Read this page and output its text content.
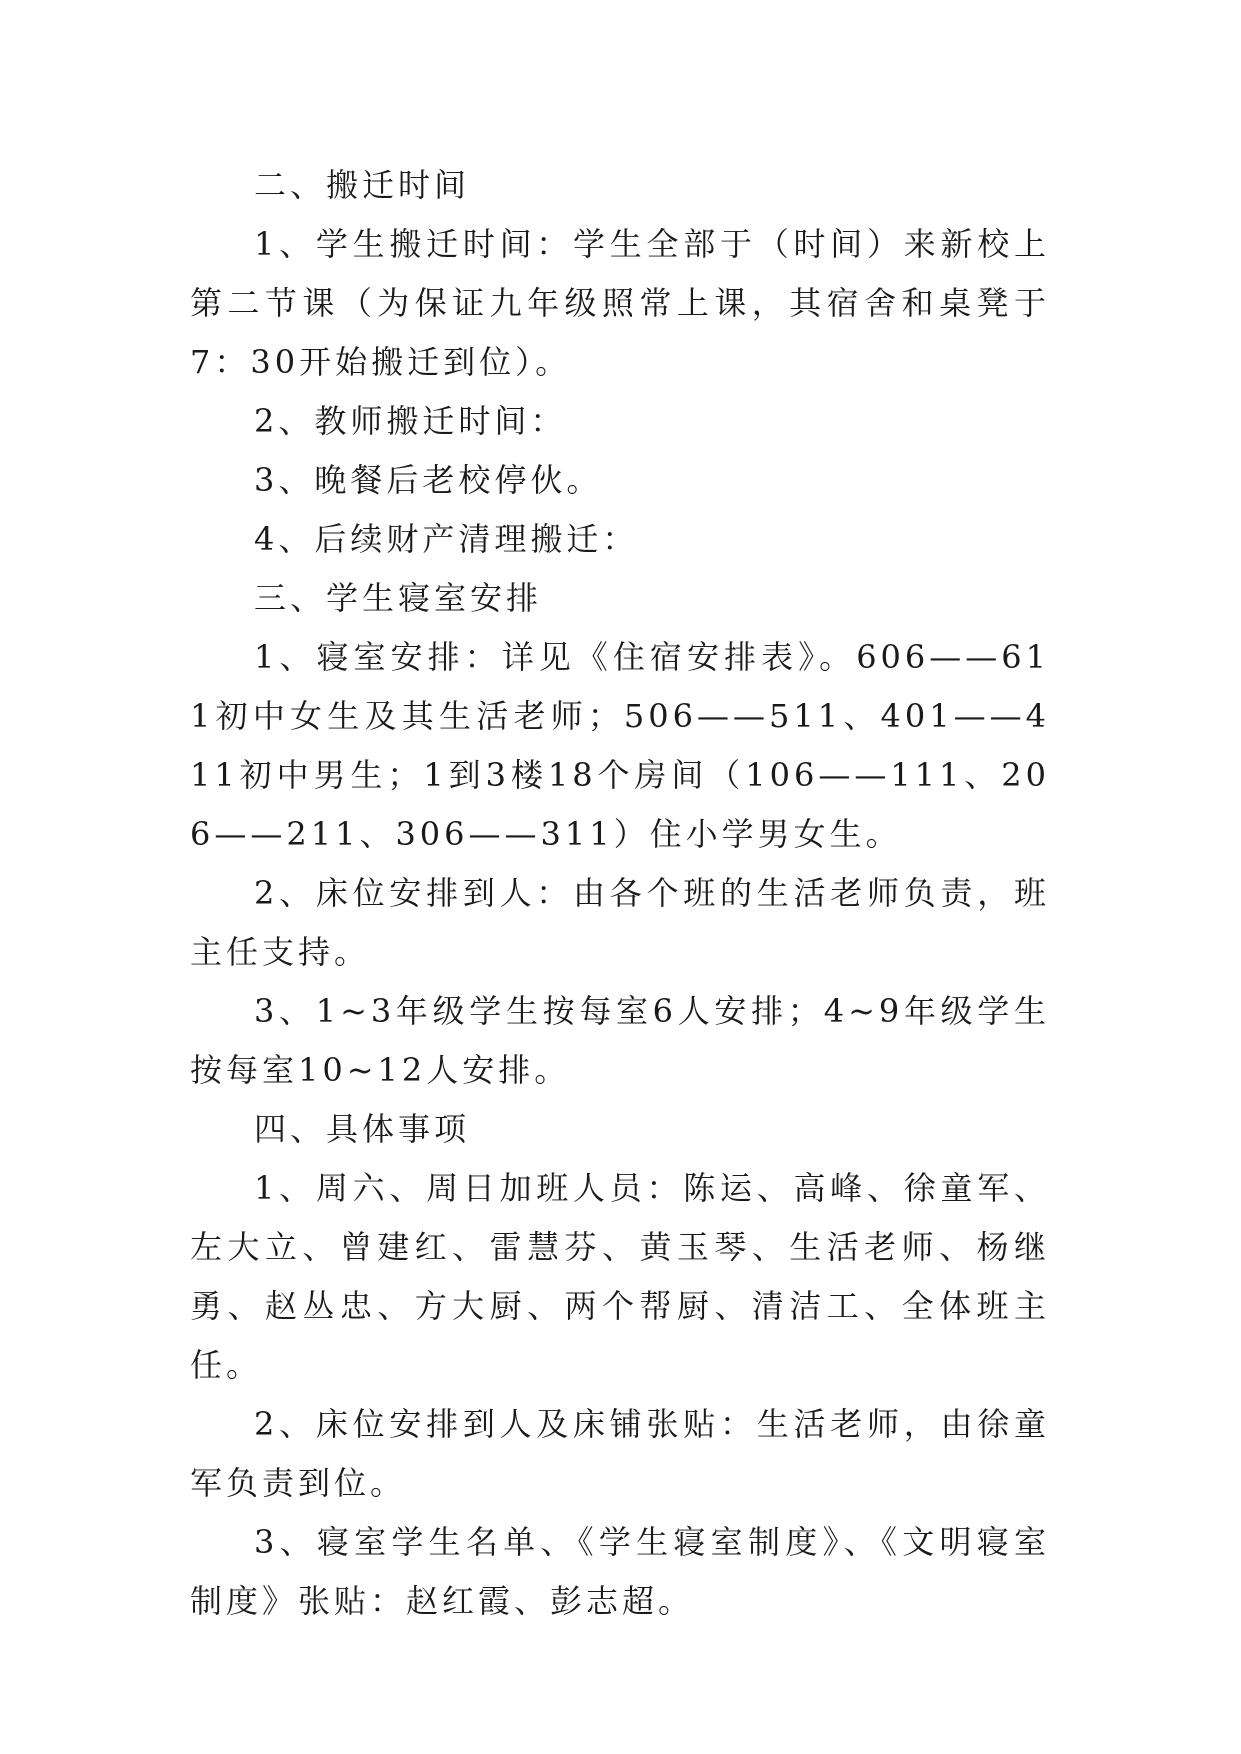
二、搬迁时间

1、学生搬迁时间：学生全部于（时间）来新校上第二节课（为保证九年级照常上课，其宿舍和桌凳于7：30开始搬迁到位）。

2、教师搬迁时间：

3、晚餐后老校停伙。

4、后续财产清理搬迁：

三、学生寝室安排

1、寝室安排：详见《住宿安排表》。606——611初中女生及其生活老师；506——511、401——411初中男生；1到3楼18个房间（106——111、206——211、306——311）住小学男女生。

2、床位安排到人：由各个班的生活老师负责，班主任支持。

3、1~3年级学生按每室6人安排；4~9年级学生按每室10~12人安排。

四、具体事项

1、周六、周日加班人员：陈运、高峰、徐童军、左大立、曾建红、雷慧芬、黄玉琴、生活老师、杨继勇、赵丛忠、方大厨、两个帮厨、清洁工、全体班主任。

2、床位安排到人及床铺张贴：生活老师，由徐童军负责到位。

3、寝室学生名单、《学生寝室制度》、《文明寝室制度》张贴：赵红霞、彭志超。
